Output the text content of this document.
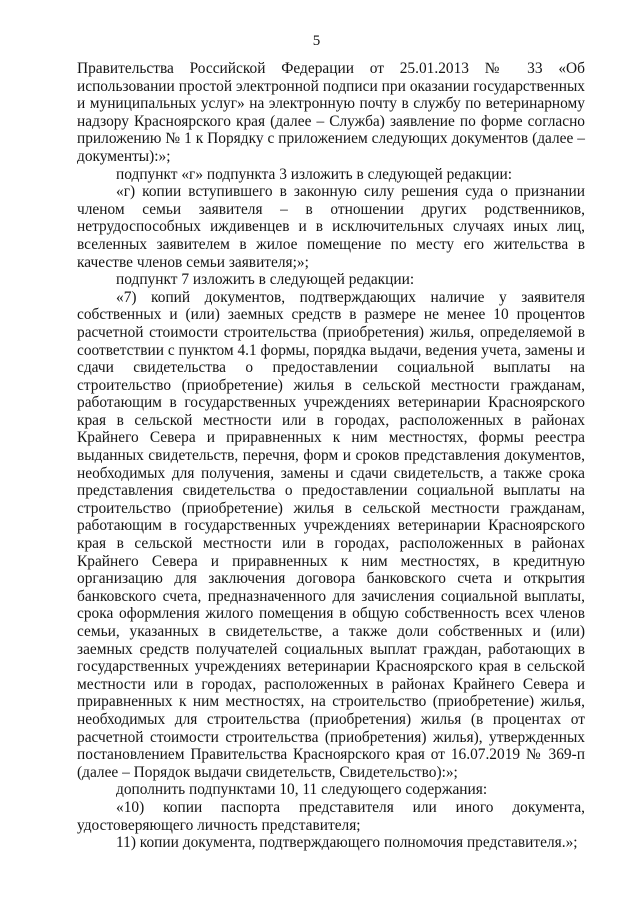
5

Правительства Российской Федерации от 25.01.2013 № 33 «Об использовании простой электронной подписи при оказании государственных и муниципальных услуг» на электронную почту в службу по ветеринарному надзору Красноярского края (далее – Служба) заявление по форме согласно приложению № 1 к Порядку с приложением следующих документов (далее – документы):»;

подпункт «г» подпункта 3 изложить в следующей редакции:

«г) копии вступившего в законную силу решения суда о признании членом семьи заявителя – в отношении других родственников, нетрудоспособных иждивенцев и в исключительных случаях иных лиц, вселенных заявителем в жилое помещение по месту его жительства в качестве членов семьи заявителя;»;

подпункт 7 изложить в следующей редакции:

«7) копий документов, подтверждающих наличие у заявителя собственных и (или) заемных средств в размере не менее 10 процентов расчетной стоимости строительства (приобретения) жилья, определяемой в соответствии с пунктом 4.1 формы, порядка выдачи, ведения учета, замены и сдачи свидетельства о предоставлении социальной выплаты на строительство (приобретение) жилья в сельской местности гражданам, работающим в государственных учреждениях ветеринарии Красноярского края в сельской местности или в городах, расположенных в районах Крайнего Севера и приравненных к ним местностях, формы реестра выданных свидетельств, перечня, форм и сроков представления документов, необходимых для получения, замены и сдачи свидетельств, а также срока представления свидетельства о предоставлении социальной выплаты на строительство (приобретение) жилья в сельской местности гражданам, работающим в государственных учреждениях ветеринарии Красноярского края в сельской местности или в городах, расположенных в районах Крайнего Севера и приравненных к ним местностях, в кредитную организацию для заключения договора банковского счета и открытия банковского счета, предназначенного для зачисления социальной выплаты, срока оформления жилого помещения в общую собственность всех членов семьи, указанных в свидетельстве, а также доли собственных и (или) заемных средств получателей социальных выплат граждан, работающих в государственных учреждениях ветеринарии Красноярского края в сельской местности или в городах, расположенных в районах Крайнего Севера и приравненных к ним местностях, на строительство (приобретение) жилья, необходимых для строительства (приобретения) жилья (в процентах от расчетной стоимости строительства (приобретения) жилья), утвержденных постановлением Правительства Красноярского края от 16.07.2019 № 369-п (далее – Порядок выдачи свидетельств, Свидетельство):»;

дополнить подпунктами 10, 11 следующего содержания:

«10) копии паспорта представителя или иного документа, удостоверяющего личность представителя;

11) копии документа, подтверждающего полномочия представителя.»;
